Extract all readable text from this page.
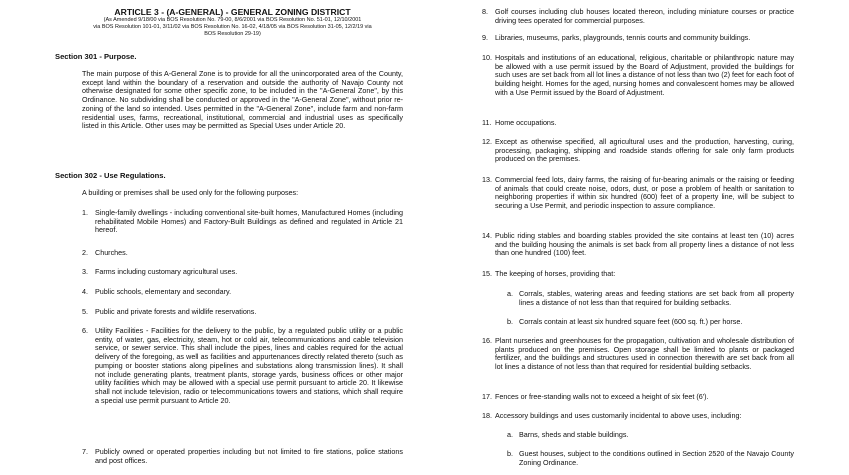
ARTICLE 3 - (A-GENERAL) - GENERAL ZONING DISTRICT
(As Amended 9/18/00 via BOS Resolution No. 79-00, 8/6/2001 via BOS Resolution No. 51-01, 12/10/2001
via BOS Resolution 101-01, 3/11/02 via BOS Resolution No. 16-02, 4/18/05 via BOS Resolution 31-05, 12/2/19 via
BOS Resolution 29-19)
Section 301 - Purpose.

The main purpose of this A-General Zone is to provide for all the unincorporated area of the County, except land within the boundary of a reservation and outside the authority of Navajo County not otherwise designated for some other specific zone, to be included in the "A-General Zone", by this Ordinance. No subdividing shall be conducted or approved in the "A-General Zone", without prior re-zoning of the land so intended. Uses permitted in the "A-General Zone", include farm and non-farm residential uses, farms, recreational, institutional, commercial and industrial uses as specifically listed in this Article. Other uses may be permitted as Special Uses under Article 20.

Section 302 - Use Regulations.

A building or premises shall be used only for the following purposes:

1. Single-family dwellings - including conventional site-built homes, Manufactured Homes (including rehabilitated Mobile Homes) and Factory-Built Buildings as defined and regulated in Article 21 hereof.
2. Churches.
3. Farms including customary agricultural uses.
4. Public schools, elementary and secondary.
5. Public and private forests and wildlife reservations.
6. Utility Facilities - Facilities for the delivery to the public, by a regulated public utility or a public entity, of water, gas, electricity, steam, hot or cold air, telecommunications and cable television service, or sewer service. This shall include the pipes, lines and cables required for the actual delivery of the foregoing, as well as facilities and appurtenances directly related thereto (such as pumping or booster stations along pipelines and substations along transmission lines). It shall not include generating plants, treatment plants, storage yards, business offices or other major utility facilities which may be allowed with a special use permit pursuant to article 20. It likewise shall not include television, radio or telecommunications towers and stations, which shall require a special use permit pursuant to Article 20.
7. Publicly owned or operated properties including but not limited to fire stations, police stations and post offices.
8. Golf courses including club houses located thereon, including miniature courses or practice driving tees operated for commercial purposes.
9. Libraries, museums, parks, playgrounds, tennis courts and community buildings.
10. Hospitals and institutions of an educational, religious, charitable or philanthropic nature may be allowed with a use permit issued by the Board of Adjustment, provided the buildings for such uses are set back from all lot lines a distance of not less than two (2) feet for each foot of building height. Homes for the aged, nursing homes and convalescent homes may be allowed with a Use Permit issued by the Board of Adjustment.
11. Home occupations.
12. Except as otherwise specified, all agricultural uses and the production, harvesting, curing, processing, packaging, shipping and roadside stands offering for sale only farm products produced on the premises.
13. Commercial feed lots, dairy farms, the raising of fur-bearing animals or the raising or feeding of animals that could create noise, odors, dust, or pose a problem of health or sanitation to neighboring properties if within six hundred (600) feet of a property line, will be subject to securing a Use Permit, and periodic inspection to assure compliance.
14. Public riding stables and boarding stables provided the site contains at least ten (10) acres and the building housing the animals is set back from all property lines a distance of not less than one hundred (100) feet.
15. The keeping of horses, providing that:
a. Corrals, stables, watering areas and feeding stations are set back from all property lines a distance of not less than that required for building setbacks.
b. Corrals contain at least six hundred square feet (600 sq. ft.) per horse.
16. Plant nurseries and greenhouses for the propagation, cultivation and wholesale distribution of plants produced on the premises. Open storage shall be limited to plants or packaged fertilizer, and the buildings and structures used in connection therewith are set back from all lot lines a distance of not less than that required for residential building setbacks.
17. Fences or free-standing walls not to exceed a height of six feet (6').
18. Accessory buildings and uses customarily incidental to above uses, including:
a. Barns, sheds and stable buildings.
b. Guest houses, subject to the conditions outlined in Section 2520 of the Navajo County Zoning Ordinance.
